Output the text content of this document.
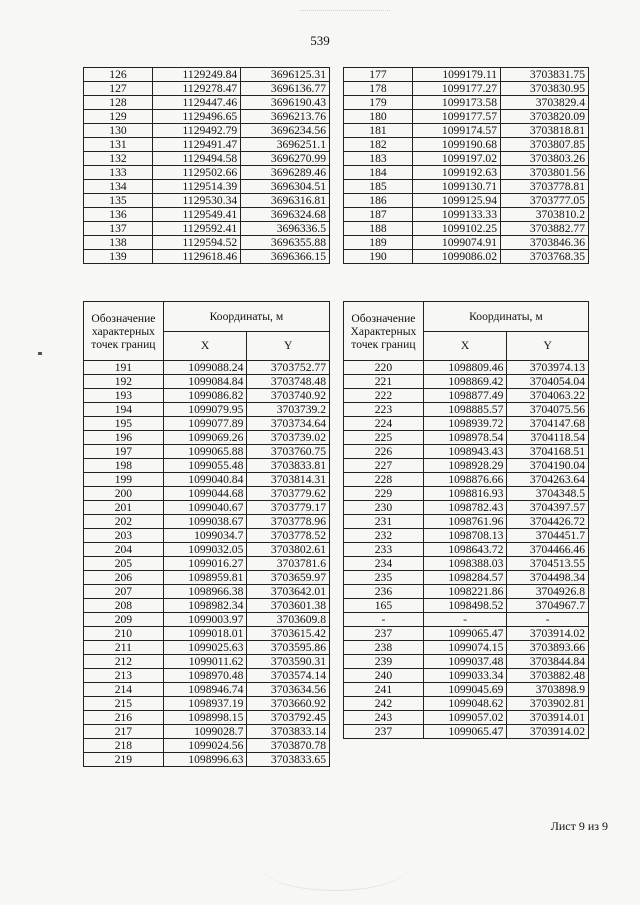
539
126	1129249.84	3696125.31
127	1129278.47	3696136.77
128	1129447.46	3696190.43
129	1129496.65	3696213.76
130	1129492.79	3696234.56
131	1129491.47	3696251.1
132	1129494.58	3696270.99
133	1129502.66	3696289.46
134	1129514.39	3696304.51
135	1129530.34	3696316.81
136	1129549.41	3696324.68
137	1129592.41	3696336.5
138	1129594.52	3696355.88
139	1129618.46	3696366.15
177	1099179.11	3703831.75
178	1099177.27	3703830.95
179	1099173.58	3703829.4
180	1099177.57	3703820.09
181	1099174.57	3703818.81
182	1099190.68	3703807.85
183	1099197.02	3703803.26
184	1099192.63	3703801.56
185	1099130.71	3703778.81
186	1099125.94	3703777.05
187	1099133.33	3703810.2
188	1099102.25	3703882.77
189	1099074.91	3703846.36
190	1099086.02	3703768.35
Обозначение характерных точек границ	Координаты, м	
	X	Y
191	1099088.24	3703752.77
192	1099084.84	3703748.48
193	1099086.82	3703740.92
194	1099079.95	3703739.2
195	1099077.89	3703734.64
196	1099069.26	3703739.02
197	1099065.88	3703760.75
198	1099055.48	3703833.81
199	1099040.84	3703814.31
200	1099044.68	3703779.62
201	1099040.67	3703779.17
202	1099038.67	3703778.96
203	1099034.7	3703778.52
204	1099032.05	3703802.61
205	1099016.27	3703781.6
206	1098959.81	3703659.97
207	1098966.38	3703642.01
208	1098982.34	3703601.38
209	1099003.97	3703609.8
210	1099018.01	3703615.42
211	1099025.63	3703595.86
212	1099011.62	3703590.31
213	1098970.48	3703574.14
214	1098946.74	3703634.56
215	1098937.19	3703660.92
216	1098998.15	3703792.45
217	1099028.7	3703833.14
218	1099024.56	3703870.78
219	1098996.63	3703833.65
Обозначение Характерных точек границ	Координаты, м	
	X	Y
220	1098809.46	3703974.13
221	1098869.42	3704054.04
222	1098877.49	3704063.22
223	1098885.57	3704075.56
224	1098939.72	3704147.68
225	1098978.54	3704118.54
226	1098943.43	3704168.51
227	1098928.29	3704190.04
228	1098876.66	3704263.64
229	1098816.93	3704348.5
230	1098782.43	3704397.57
231	1098761.96	3704426.72
232	1098708.13	3704451.7
233	1098643.72	3704466.46
234	1098388.03	3704513.55
235	1098284.57	3704498.34
236	1098221.86	3704926.8
165	1098498.52	3704967.7
-	-	-
237	1099065.47	3703914.02
238	1099074.15	3703893.66
239	1099037.48	3703844.84
240	1099033.34	3703882.48
241	1099045.69	3703898.9
242	1099048.62	3703902.81
243	1099057.02	3703914.01
237	1099065.47	3703914.02
Лист 9 из 9
